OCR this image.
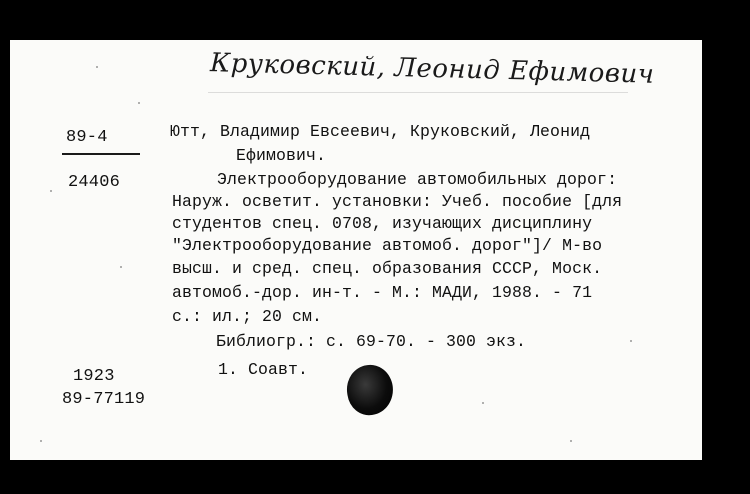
Круковский, Леонид Ефимович
89-4
24406
1923
89-77119
Ютт, Владимир Евсеевич, Круковский, Леонид
Ефимович.
Электрооборудование автомобильных дорог:
Наруж. осветит. установки: Учеб. пособие [для
студентов спец. 0708, изучающих дисциплину
"Электрооборудование автомоб. дорог"]/ М-во
высш. и сред. спец. образования СССР, Моск.
автомоб.-дор. ин-т. - М.: МАДИ, 1988. - 71
с.: ил.; 20 см.
Библиогр.: с. 69-70. - 300 экз.
1. Соавт.
